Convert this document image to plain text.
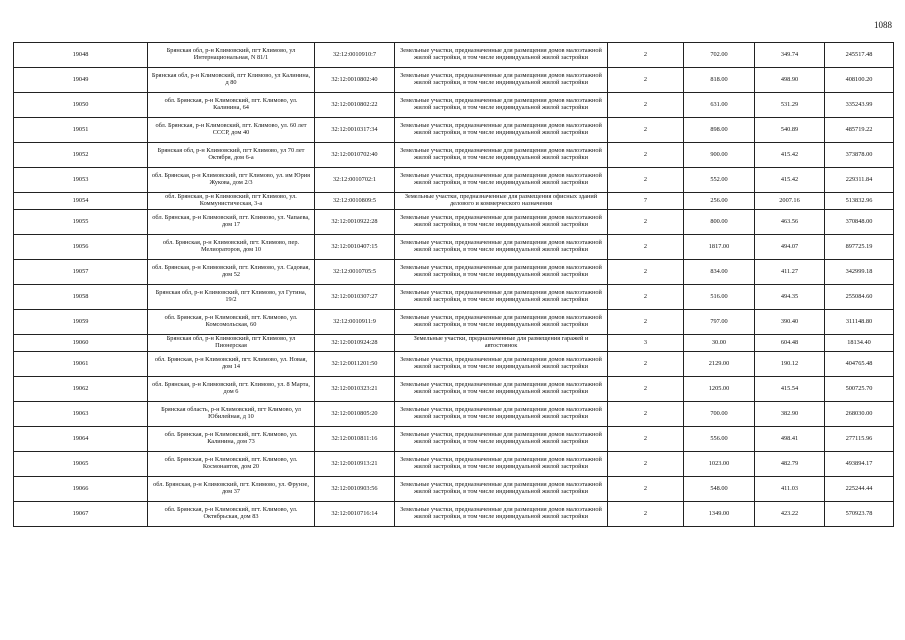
1088
19048	Брянская обл, р-н Климовский, пгт Климово, ул Интернациональная, N 81/1	32:12:0010910:7	Земельные участки, предназначенные для размещения домов малоэтажной жилой застройки, в том числе индивидуальной жилой застройки	2	702.00	349.74	245517.48
19049	Брянская обл, р-н Климовский, пгт Климово, ул Калинина, д 80	32:12:0010802:40	Земельные участки, предназначенные для размещения домов малоэтажной жилой застройки, в том числе индивидуальной жилой застройки	2	818.00	498.90	408100.20
19050	обл. Брянская, р-н Климовский, пгт. Климово, ул. Калинина, 64	32:12:0010802:22	Земельные участки, предназначенные для размещения домов малоэтажной жилой застройки, в том числе индивидуальной жилой застройки	2	631.00	531.29	335243.99
19051	обл. Брянская, р-н Климовский, пгт. Климово, ул. 60 лет СССР, дом 40	32:12:0010317:34	Земельные участки, предназначенные для размещения домов малоэтажной жилой застройки, в том числе индивидуальной жилой застройки	2	898.00	540.89	485719.22
19052	Брянская обл, р-н Климовский, пгт Климово, ул 70 лет Октября, дом 6-а	32:12:0010702:40	Земельные участки, предназначенные для размещения домов малоэтажной жилой застройки, в том числе индивидуальной жилой застройки	2	900.00	415.42	373878.00
19053	обл. Брянская, р-н Климовский, пгт Климово, ул. им Юрия Жукова, дом 2/3	32:12:0010702:1	Земельные участки, предназначенные для размещения домов малоэтажной жилой застройки, в том числе индивидуальной жилой застройки	2	552.00	415.42	229311.84
19054	обл. Брянская, р-н Климовский, пгт Климово, ул. Коммунистическая, 3-а	32:12:0010809:5	Земельные участки, предназначенные для размещения офисных зданий делового и коммерческого назначения	7	256.00	2007.16	513832.96
19055	обл. Брянская, р-н Климовский, пгт. Климово, ул. Чапаева, дом 17	32:12:0010922:28	Земельные участки, предназначенные для размещения домов малоэтажной жилой застройки, в том числе индивидуальной жилой застройки	2	800.00	463.56	370848.00
19056	обл. Брянская, р-н Климовский, пгт. Климово, пер. Мелиораторов, дом 10	32:12:0010407:15	Земельные участки, предназначенные для размещения домов малоэтажной жилой застройки, в том числе индивидуальной жилой застройки	2	1817.00	494.07	897725.19
19057	обл. Брянская, р-н Климовский, пгт. Климово, ул. Садовая, дом 52	32:12:0010705:5	Земельные участки, предназначенные для размещения домов малоэтажной жилой застройки, в том числе индивидуальной жилой застройки	2	834.00	411.27	342999.18
19058	Брянская обл, р-н Климовский, пгт Климово, ул Гутина, 19/2	32:12:0010307:27	Земельные участки, предназначенные для размещения домов малоэтажной жилой застройки, в том числе индивидуальной жилой застройки	2	516.00	494.35	255084.60
19059	обл. Брянская, р-н Климовский, пгт. Климово, ул. Комсомольская, 60	32:12:0010911:9	Земельные участки, предназначенные для размещения домов малоэтажной жилой застройки, в том числе индивидуальной жилой застройки	2	797.00	390.40	311148.80
19060	Брянская обл, р-н Климовский, пгт Климово, ул Пионерская	32:12:0010924:28	Земельные участки, предназначенные для размещения гаражей и автостоянок	3	30.00	604.48	18134.40
19061	обл. Брянская, р-н Климовский, пгт. Климово, ул. Новая, дом 14	32:12:0011201:50	Земельные участки, предназначенные для размещения домов малоэтажной жилой застройки, в том числе индивидуальной жилой застройки	2	2129.00	190.12	404765.48
19062	обл. Брянская, р-н Климовский, пгт. Климово, ул. 8 Марта, дом 6	32:12:0010323:21	Земельные участки, предназначенные для размещения домов малоэтажной жилой застройки, в том числе индивидуальной жилой застройки	2	1205.00	415.54	500725.70
19063	Брянская область, р-н Климовский, пгт Климово, ул Юбилейная, д 10	32:12:0010805:20	Земельные участки, предназначенные для размещения домов малоэтажной жилой застройки, в том числе индивидуальной жилой застройки	2	700.00	382.90	268030.00
19064	обл. Брянская, р-н Климовский, пгт. Климово, ул. Калинина, дом 73	32:12:0010811:16	Земельные участки, предназначенные для размещения домов малоэтажной жилой застройки, в том числе индивидуальной жилой застройки	2	556.00	498.41	277115.96
19065	обл. Брянская, р-н Климовский, пгт. Климово, ул. Космонавтов, дом 20	32:12:0010913:21	Земельные участки, предназначенные для размещения домов малоэтажной жилой застройки, в том числе индивидуальной жилой застройки	2	1023.00	482.79	493894.17
19066	обл. Брянская, р-н Климовский, пгт. Климово, ул. Фрунзе, дом 37	32:12:0010903:56	Земельные участки, предназначенные для размещения домов малоэтажной жилой застройки, в том числе индивидуальной жилой застройки	2	548.00	411.03	225244.44
19067	обл. Брянская, р-н Климовский, пгт. Климово, ул. Октябрьская, дом 83	32:12:0010716:14	Земельные участки, предназначенные для размещения домов малоэтажной жилой застройки, в том числе индивидуальной жилой застройки	2	1349.00	423.22	570923.78
